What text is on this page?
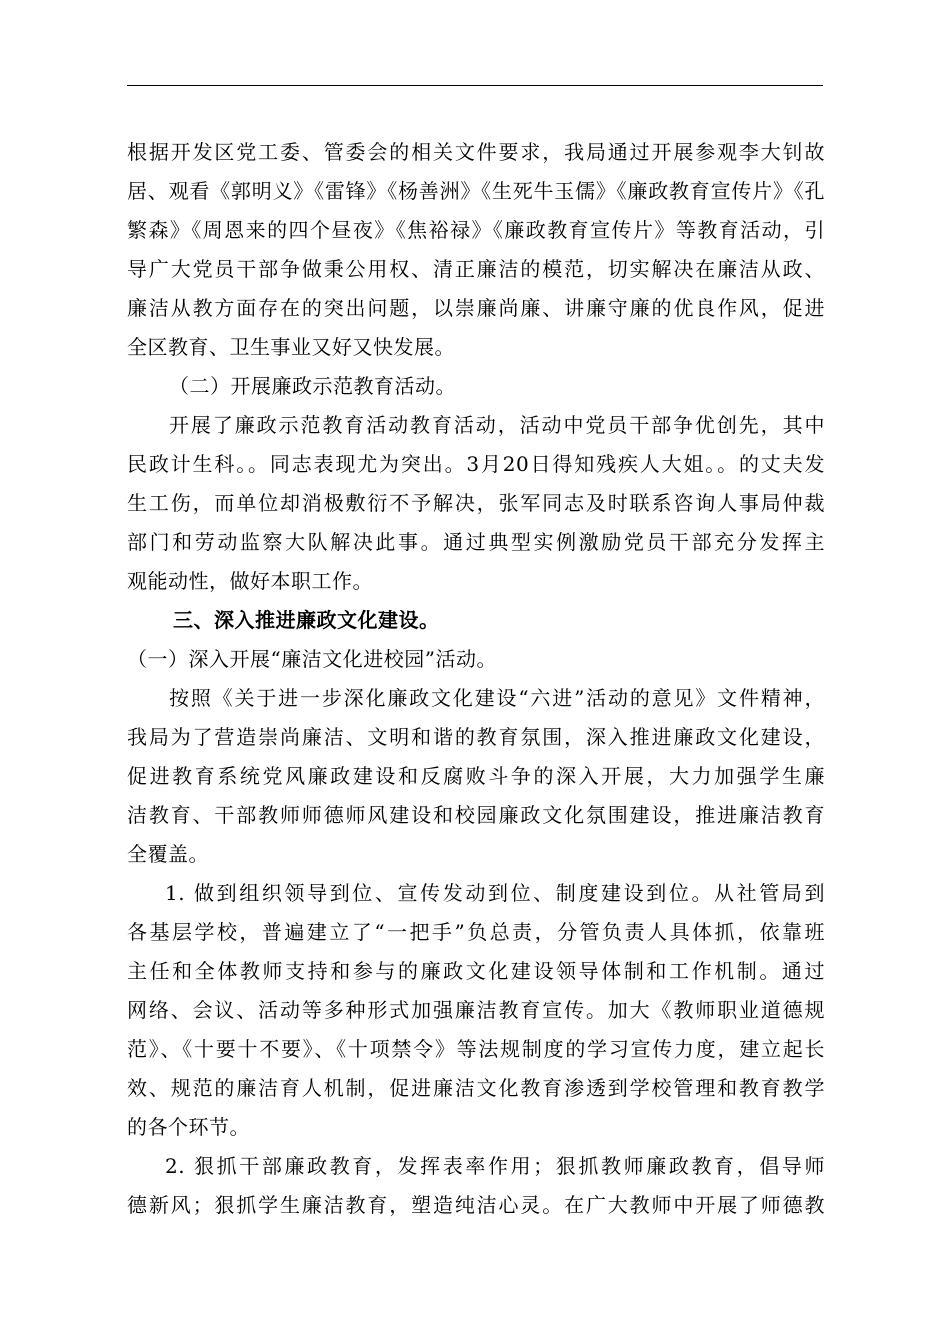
根据开发区党工委、管委会的相关文件要求，我局通过开展参观李大钊故
居、观看《郭明义》《雷锋》《杨善洲》《生死牛玉儒》《廉政教育宣传片》《孔
繁森》《周恩来的四个昼夜》《焦裕禄》《廉政教育宣传片》等教育活动，引
导广大党员干部争做秉公用权、清正廉洁的模范，切实解决在廉洁从政、
廉洁从教方面存在的突出问题，以崇廉尚廉、讲廉守廉的优良作风，促进
全区教育、卫生事业又好又快发展。
（二）开展廉政示范教育活动。
开展了廉政示范教育活动教育活动，活动中党员干部争优创先，其中
民政计生科。。同志表现尤为突出。3月20日得知残疾人大姐。。的丈夫发
生工伤，而单位却消极敷衍不予解决，张军同志及时联系咨询人事局仲裁
部门和劳动监察大队解决此事。通过典型实例激励党员干部充分发挥主
观能动性，做好本职工作。
三、深入推进廉政文化建设。
（一）深入开展“廉洁文化进校园”活动。
按照《关于进一步深化廉政文化建设“六进”活动的意见》文件精神，
我局为了营造崇尚廉洁、文明和谐的教育氛围，深入推进廉政文化建设，
促进教育系统党风廉政建设和反腐败斗争的深入开展，大力加强学生廉
洁教育、干部教师师德师风建设和校园廉政文化氛围建设，推进廉洁教育
全覆盖。
1. 做到组织领导到位、宣传发动到位、制度建设到位。从社管局到
各基层学校，普遍建立了“一把手”负总责，分管负责人具体抓，依靠班
主任和全体教师支持和参与的廉政文化建设领导体制和工作机制。通过
网络、会议、活动等多种形式加强廉洁教育宣传。加大《教师职业道德规
范》、《十要十不要》、《十项禁令》等法规制度的学习宣传力度，建立起长
效、规范的廉洁育人机制，促进廉洁文化教育渗透到学校管理和教育教学
的各个环节。
2. 狠抓干部廉政教育，发挥表率作用；狠抓教师廉政教育，倡导师
德新风；狠抓学生廉洁教育，塑造纯洁心灵。在广大教师中开展了师德教
